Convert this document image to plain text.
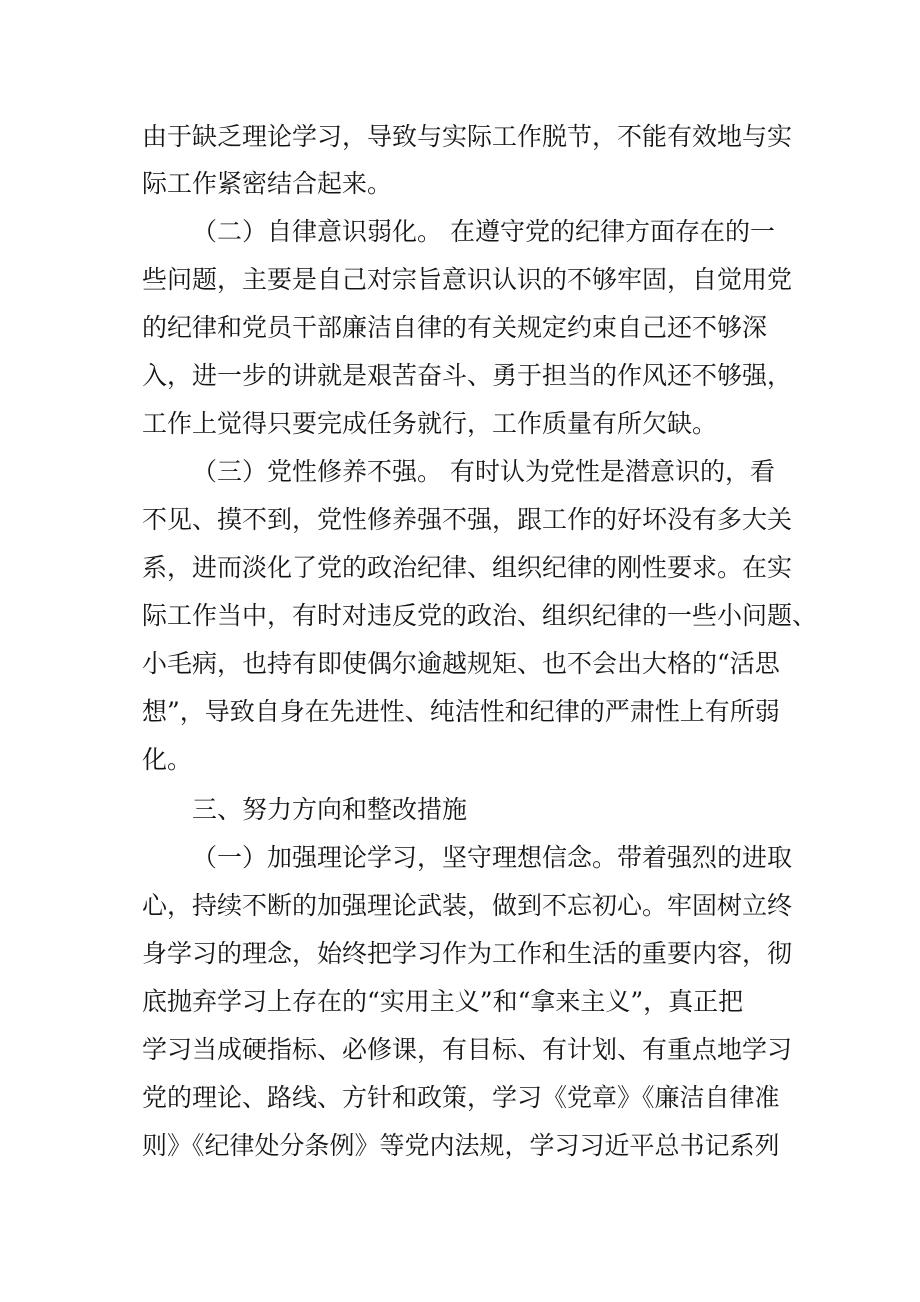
由于缺乏理论学习，导致与实际工作脱节，不能有效地与实
际工作紧密结合起来。
（二）自律意识弱化。 在遵守党的纪律方面存在的一
些问题，主要是自己对宗旨意识认识的不够牢固，自觉用党
的纪律和党员干部廉洁自律的有关规定约束自己还不够深
入，进一步的讲就是艰苦奋斗、勇于担当的作风还不够强，
工作上觉得只要完成任务就行，工作质量有所欠缺。
（三）党性修养不强。 有时认为党性是潜意识的，看
不见、摸不到，党性修养强不强，跟工作的好坏没有多大关
系，进而淡化了党的政治纪律、组织纪律的刚性要求。在实
际工作当中，有时对违反党的政治、组织纪律的一些小问题、
小毛病，也持有即使偶尔逾越规矩、也不会出大格的“活思
想”，导致自身在先进性、纯洁性和纪律的严肃性上有所弱
化。
三、努力方向和整改措施
（一）加强理论学习，坚守理想信念。带着强烈的进取
心，持续不断的加强理论武装，做到不忘初心。牢固树立终
身学习的理念，始终把学习作为工作和生活的重要内容，彻
底抛弃学习上存在的“实用主义”和“拿来主义”，真正把
学习当成硬指标、必修课，有目标、有计划、有重点地学习
党的理论、路线、方针和政策，学习《党章》《廉洁自律准
则》《纪律处分条例》等党内法规，学习习近平总书记系列
